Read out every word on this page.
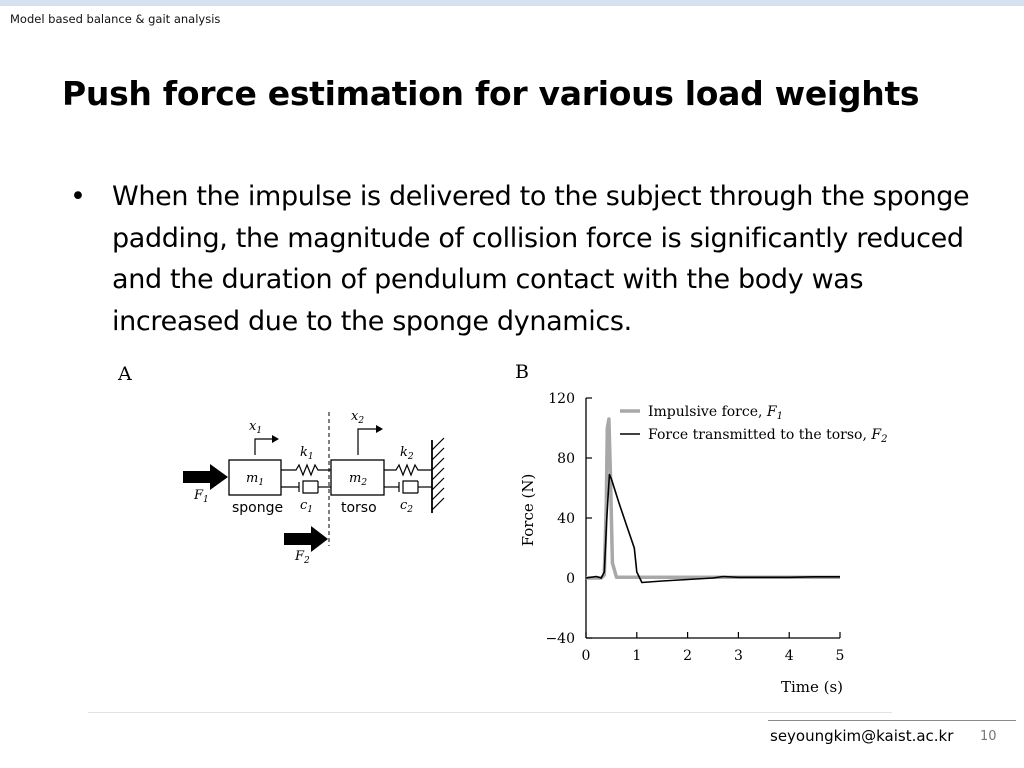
Model based balance & gait analysis
Push force estimation for various load weights
• When the impulse is delivered to the subject through the sponge padding, the magnitude of collision force is significantly reduced and the duration of pendulum contact with the body was increased due to the sponge dynamics.
A
$F_1$
$m_1$
sponge
$x_1$
$k_1$
$c_1$
$m_2$
torso
$x_2$
$k_2$
$c_2$
$F_2$
B
0	1	2	3	4	5
120
80
40
0
−40
Impulsive force, $F_1$
Force transmitted to the torso, $F_2$
Time (s)
Force (N)
seyoungkim@kaist.ac.kr 10
